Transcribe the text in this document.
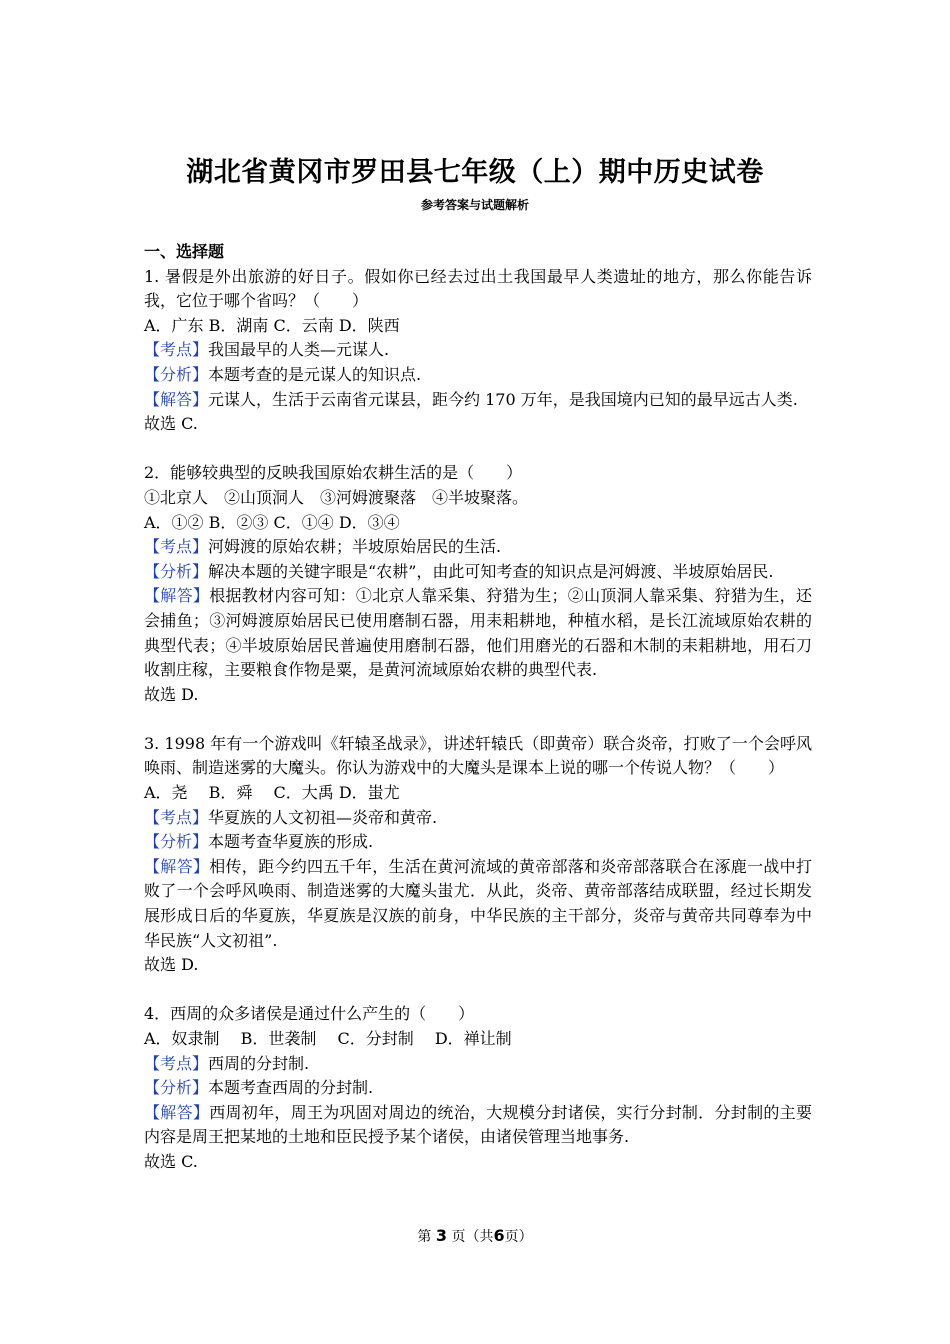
湖北省黄冈市罗田县七年级（上）期中历史试卷
参考答案与试题解析

一、选择题

1. 暑假是外出旅游的好日子。假如你已经去过出土我国最早人类遗址的地方，那么你能告诉我，它位于哪个省吗？（　　）

A．广东 B．湖南 C．云南 D．陕西

【考点】我国最早的人类—元谋人.

【分析】本题考查的是元谋人的知识点.

【解答】元谋人，生活于云南省元谋县，距今约 170 万年，是我国境内已知的最早远古人类.

故选 C.

2．能够较典型的反映我国原始农耕生活的是（　　）

①北京人　②山顶洞人　③河姆渡聚落　④半坡聚落。

A．①② B．②③ C．①④ D．③④

【考点】河姆渡的原始农耕；半坡原始居民的生活.

【分析】解决本题的关键字眼是“农耕”，由此可知考查的知识点是河姆渡、半坡原始居民.

【解答】根据教材内容可知：①北京人靠采集、狩猎为生；②山顶洞人靠采集、狩猎为生，还会捕鱼；③河姆渡原始居民已使用磨制石器，用耒耜耕地，种植水稻，是长江流域原始农耕的典型代表；④半坡原始居民普遍使用磨制石器，他们用磨光的石器和木制的耒耜耕地，用石刀收割庄稼，主要粮食作物是粟，是黄河流域原始农耕的典型代表.

故选 D.

3. 1998 年有一个游戏叫《轩辕圣战录》，讲述轩辕氏（即黄帝）联合炎帝，打败了一个会呼风唤雨、制造迷雾的大魔头。你认为游戏中的大魔头是课本上说的哪一个传说人物？（　　）

A．尧　 B．舜　 C．大禹 D．蚩尤

【考点】华夏族的人文初祖—炎帝和黄帝.

【分析】本题考查华夏族的形成.

【解答】相传，距今约四五千年，生活在黄河流域的黄帝部落和炎帝部落联合在涿鹿一战中打败了一个会呼风唤雨、制造迷雾的大魔头蚩尤．从此，炎帝、黄帝部落结成联盟，经过长期发展形成日后的华夏族，华夏族是汉族的前身，中华民族的主干部分，炎帝与黄帝共同尊奉为中华民族“人文初祖”.

故选 D.

4．西周的众多诸侯是通过什么产生的（　　）

A．奴隶制　 B．世袭制　 C．分封制　 D．禅让制

【考点】西周的分封制.

【分析】本题考查西周的分封制.

【解答】西周初年，周王为巩固对周边的统治，大规模分封诸侯，实行分封制．分封制的主要内容是周王把某地的土地和臣民授予某个诸侯，由诸侯管理当地事务.

故选 C.

第 3 页（共6页）
